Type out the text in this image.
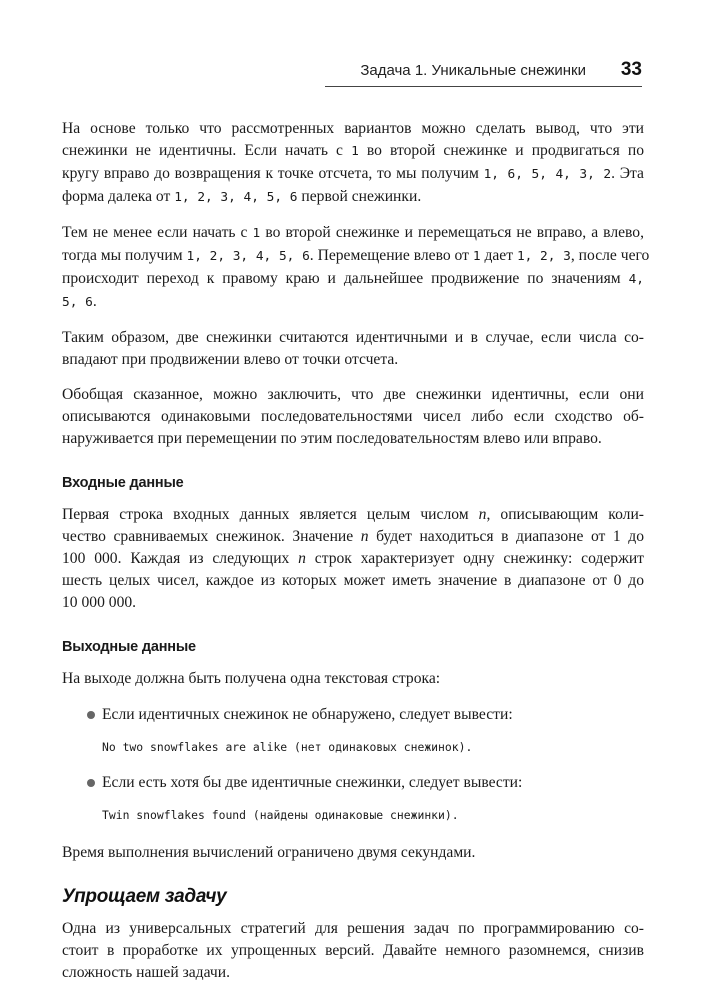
Задача 1. Уникальные снежинки 33

На основе только что рассмотренных вариантов можно сделать вывод, что эти
снежинки не идентичны. Если начать с 1 во второй снежинке и продвигаться по
кругу вправо до возвращения к точке отсчета, то мы получим 1, 6, 5, 4, 3, 2. Эта
форма далека от 1, 2, 3, 4, 5, 6 первой снежинки.

Тем не менее если начать с 1 во второй снежинке и перемещаться не вправо, а влево,
тогда мы получим 1, 2, 3, 4, 5, 6. Перемещение влево от 1 дает 1, 2, 3, после чего
происходит переход к правому краю и дальнейшее продвижение по значениям 4,
5, 6.

Таким образом, две снежинки считаются идентичными и в случае, если числа со-
впадают при продвижении влево от точки отсчета.

Обобщая сказанное, можно заключить, что две снежинки идентичны, если они
описываются одинаковыми последовательностями чисел либо если сходство об-
наруживается при перемещении по этим последовательностям влево или вправо.

Входные данные

Первая строка входных данных является целым числом n, описывающим коли-
чество сравниваемых снежинок. Значение n будет находиться в диапазоне от 1 до
100 000. Каждая из следующих n строк характеризует одну снежинку: содержит
шесть целых чисел, каждое из которых может иметь значение в диапазоне от 0 до
10 000 000.

Выходные данные

На выходе должна быть получена одна текстовая строка:

Если идентичных снежинок не обнаружено, следует вывести:
No two snowflakes are alike (нет одинаковых снежинок).
Если есть хотя бы две идентичные снежинки, следует вывести:
Twin snowflakes found (найдены одинаковые снежинки).

Время выполнения вычислений ограничено двумя секундами.

Упрощаем задачу

Одна из универсальных стратегий для решения задач по программированию со-
стоит в проработке их упрощенных версий. Давайте немного разомнемся, снизив
сложность нашей задачи.
